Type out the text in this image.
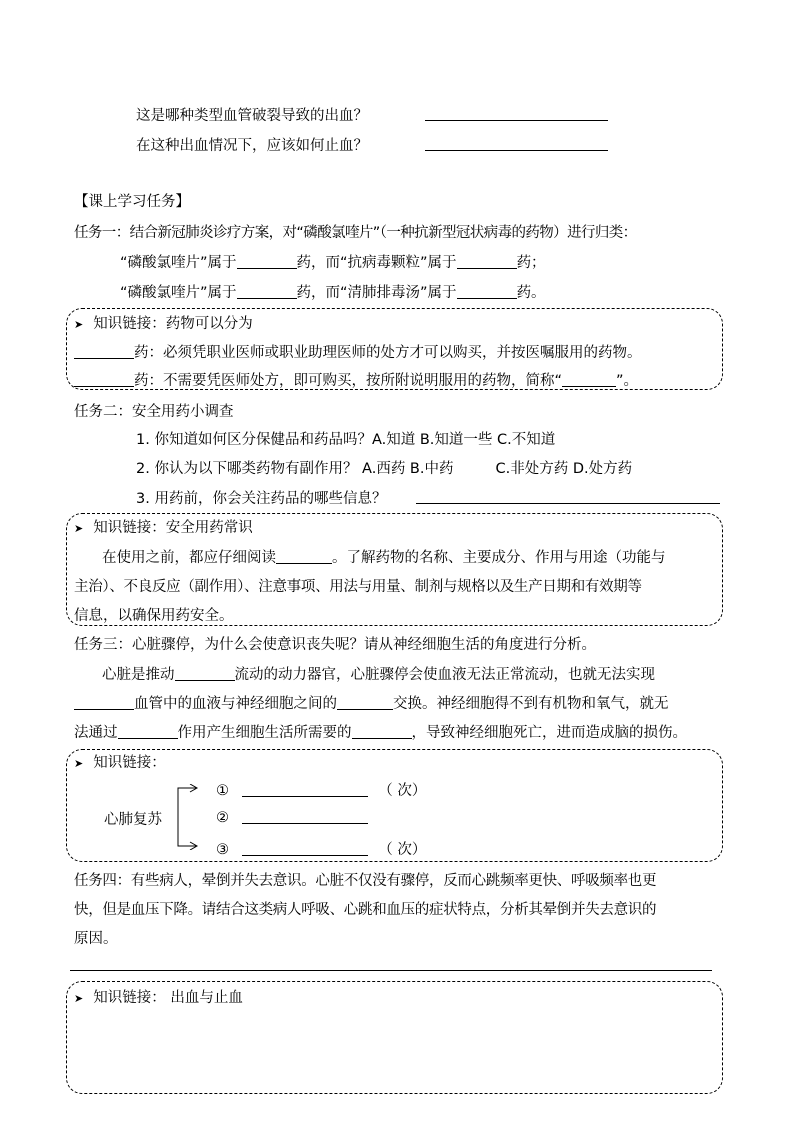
这是哪种类型血管破裂导致的出血？
在这种出血情况下，应该如何止血？
【课上学习任务】
任务一：结合新冠肺炎诊疗方案，对“磷酸氯喹片”（一种抗新型冠状病毒的药物）进行归类：
“磷酸氯喹片”属于	药，而“抗病毒颗粒”属于	药；
“磷酸氯喹片”属于	药，而“清肺排毒汤”属于	药。
➤ 知识链接：药物可以分为
药：必须凭职业医师或职业助理医师的处方才可以购买，并按医嘱服用的药物。
药：不需要凭医师处方，即可购买，按所附说明服用的药物，简称“	”。
任务二：安全用药小调查
1. 你知道如何区分保健品和药品吗？A.知道 B.知道一些 C.不知道
2. 你认为以下哪类药物有副作用？ A.西药 B.中药	C.非处方药 D.处方药
3. 用药前，你会关注药品的哪些信息？
➤ 知识链接：安全用药常识
在使用之前，都应仔细阅读	。了解药物的名称、主要成分、作用与用途（功能与
主治）、不良反应（副作用）、注意事项、用法与用量、制剂与规格以及生产日期和有效期等
信息，以确保用药安全。
任务三：心脏骤停，为什么会使意识丧失呢？请从神经细胞生活的角度进行分析。
心脏是推动	流动的动力器官，心脏骤停会使血液无法正常流动，也就无法实现
血管中的血液与神经细胞之间的	交换。神经细胞得不到有机物和氧气，就无
法通过	作用产生细胞生活所需要的	，导致神经细胞死亡，进而造成脑的损伤。
➤ 知识链接：
心肺复苏
①	（ 次）
②
③	（ 次）
任务四：有些病人，晕倒并失去意识。心脏不仅没有骤停，反而心跳频率更快、呼吸频率也更
快，但是血压下降。请结合这类病人呼吸、心跳和血压的症状特点，分析其晕倒并失去意识的
原因。
➤ 知识链接： 出血与止血
